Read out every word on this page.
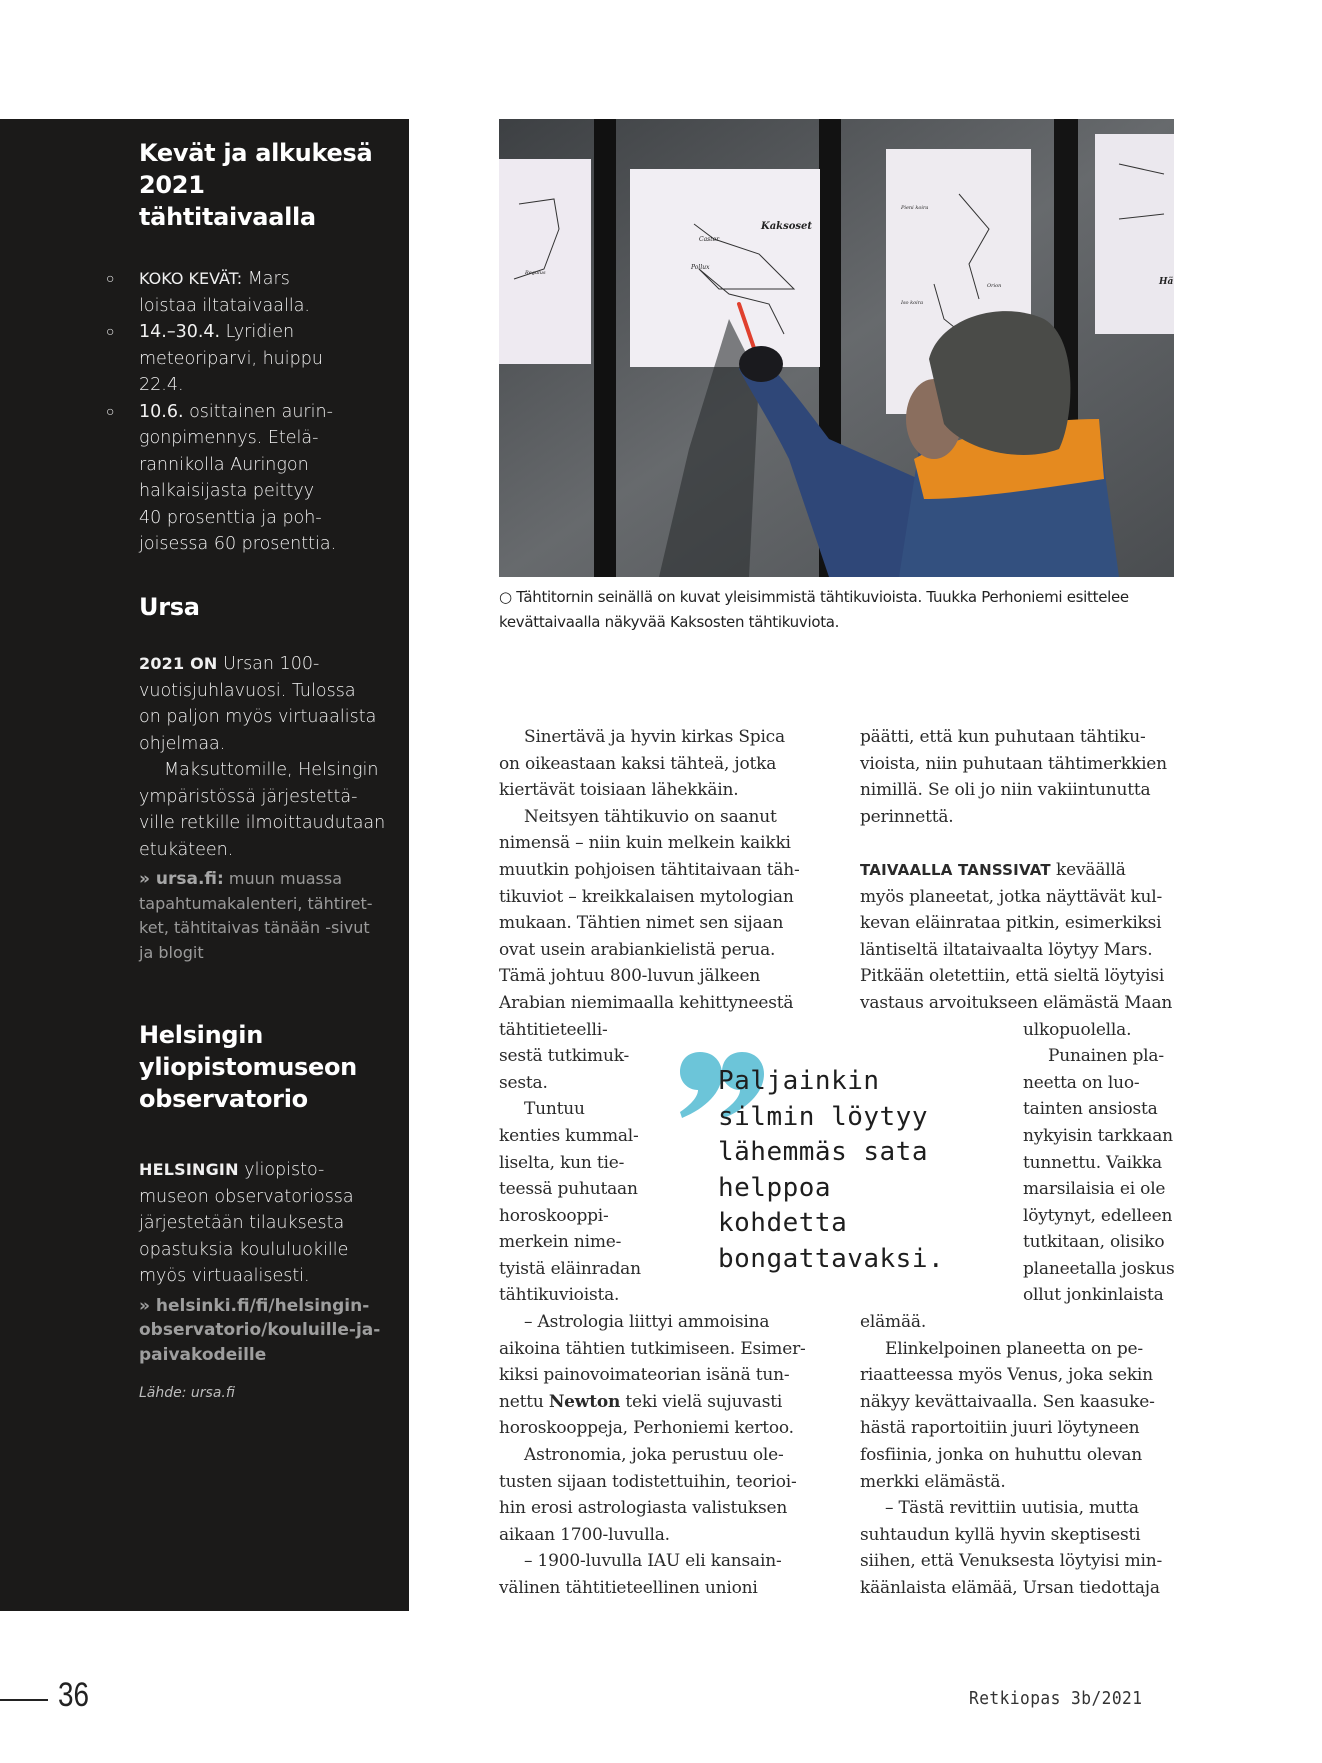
Kevät ja alkukesä
2021 tähtitaivaalla
○ KOKO KEVÄT: Mars
loistaa iltataivaalla.
○ 14.–30.4. Lyridien
meteoriparvi, huippu
22.4.
○ 10.6. osittainen aurin-
gonpimennys. Etelä-
rannikolla Auringon
halkaisijasta peittyy
40 prosenttia ja poh-
joisessa 60 prosenttia.
Ursa

2021 ON Ursan 100-
vuotisjuhlavuosi. Tulossa
on paljon myös virtuaalista
ohjelmaa.

Maksuttomille, Helsingin
ympäristössä järjestettä-
ville retkille ilmoittaudutaan
etukäteen.

» ursa.fi: muun muassa
tapahtumakalenteri, tähtiret-
ket, tähtitaivas tänään -sivut
ja blogit

Helsingin
yliopistomuseon
observatorio

HELSINGIN yliopisto-
museon observatoriossa
järjestetään tilauksesta
opastuksia koululuokille
myös virtuaalisesti.

» helsinki.fi/fi/helsingin-
observatorio/kouluille-ja-
paivakodeille

Lähde: ursa.fi

Kaksoset
Castor
Pollux
Regulus
Pieni koira
Iso koira
Orion	Hä
○ Tähtitornin seinällä on kuvat yleisimmistä tähtikuvioista. Tuukka Perhoniemi esittelee
kevättaivaalla näkyvää Kaksosten tähtikuviota.
Sinertävä ja hyvin kirkas Spica
on oikeastaan kaksi tähteä, jotka
kiertävät toisiaan lähekkäin.
Neitsyen tähtikuvio on saanut
nimensä – niin kuin melkein kaikki
muutkin pohjoisen tähtitaivaan täh-
tikuviot – kreikkalaisen mytologian
mukaan. Tähtien nimet sen sijaan
ovat usein arabiankielistä perua.
Tämä johtuu 800-luvun jälkeen
Arabian niemimaalla kehittyneestä
tähtitieteelli-
sestä tutkimuk-
sesta.
Tuntuu
kenties kummal-
liselta, kun tie-
teessä puhutaan
horoskooppi-
merkein nime-
tyistä eläinradan
tähtikuvioista.
– Astrologia liittyi ammoisina
aikoina tähtien tutkimiseen. Esimer-
kiksi painovoimateorian isänä tun-
nettu Newton teki vielä sujuvasti
horoskooppeja, Perhoniemi kertoo.
Astronomia, joka perustuu ole-
tusten sijaan todistettuihin, teorioi-
hin erosi astrologiasta valistuksen
aikaan 1700-luvulla.
– 1900-luvulla IAU eli kansain-
välinen tähtitieteellinen unioni
päätti, että kun puhutaan tähtiku-
vioista, niin puhutaan tähtimerkkien
nimillä. Se oli jo niin vakiintunutta
perinnettä.
TAIVAALLA TANSSIVAT keväällä
myös planeetat, jotka näyttävät kul-
kevan eläinrataa pitkin, esimerkiksi
läntiseltä iltataivaalta löytyy Mars.
Pitkään oletettiin, että sieltä löytyisi
vastaus arvoitukseen elämästä Maan
ulkopuolella.
Punainen pla-
neetta on luo-
tainten ansiosta
nykyisin tarkkaan
tunnettu. Vaikka
marsilaisia ei ole
löytynyt, edelleen
tutkitaan, olisiko
planeetalla joskus
ollut jonkinlaista
elämää.
Elinkelpoinen planeetta on pe-
riaatteessa myös Venus, joka sekin
näkyy kevättaivaalla. Sen kaasuke-
hästä raportoitiin juuri löytyneen
fosfiinia, jonka on huhuttu olevan
merkki elämästä.
– Tästä revittiin uutisia, mutta
suhtaudun kyllä hyvin skeptisesti
siihen, että Venuksesta löytyisi min-
käänlaista elämää, Ursan tiedottaja
Paljainkin
silmin löytyy
lähemmäs sata
helppoa
kohdetta
bongattavaksi.
36	Retkiopas 3b/2021
